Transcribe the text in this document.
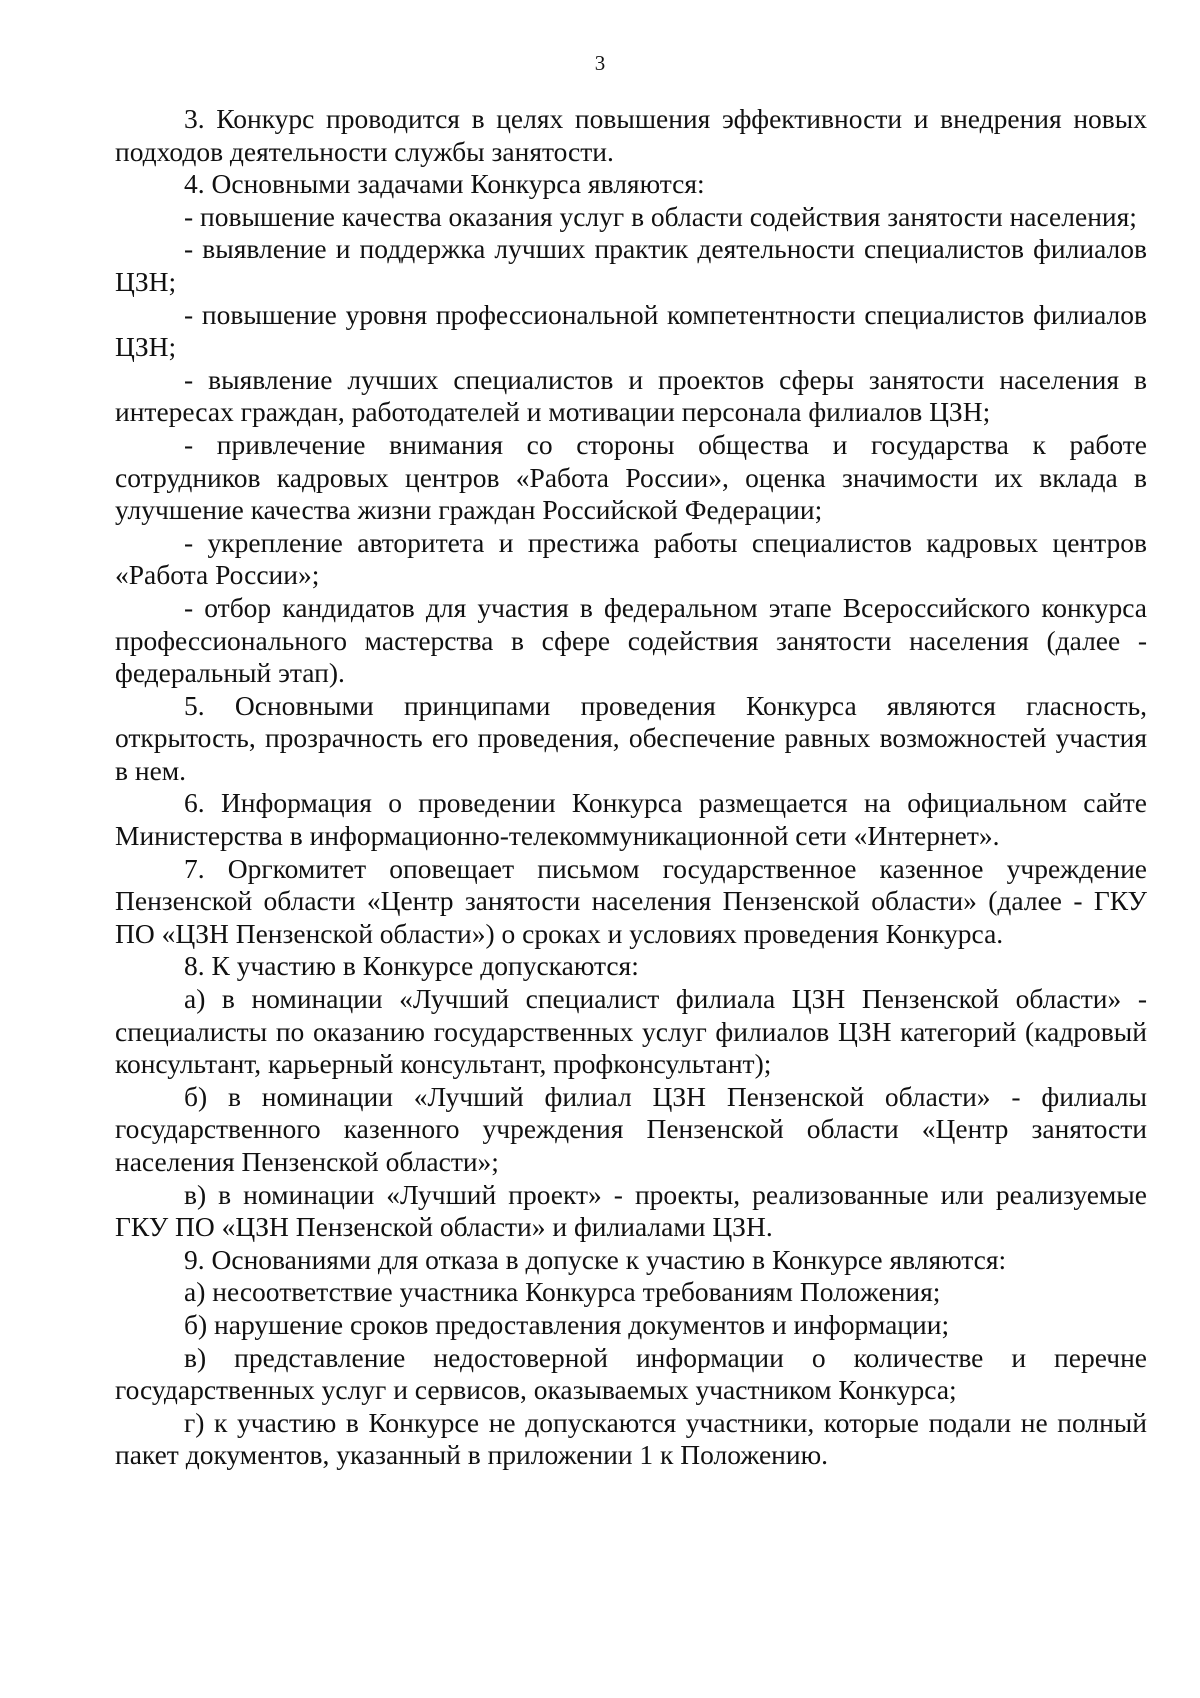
3

3. Конкурс проводится в целях повышения эффективности и внедрения новых подходов деятельности службы занятости.

4. Основными задачами Конкурса являются:

- повышение качества оказания услуг в области содействия занятости населения;

- выявление и поддержка лучших практик деятельности специалистов филиалов ЦЗН;

- повышение уровня профессиональной компетентности специалистов филиалов ЦЗН;

- выявление лучших специалистов и проектов сферы занятости населения в интересах граждан, работодателей и мотивации персонала филиалов ЦЗН;

- привлечение внимания со стороны общества и государства к работе сотрудников кадровых центров «Работа России», оценка значимости их вклада в улучшение качества жизни граждан Российской Федерации;

- укрепление авторитета и престижа работы специалистов кадровых центров «Работа России»;

- отбор кандидатов для участия в федеральном этапе Всероссийского конкурса профессионального мастерства в сфере содействия занятости населения (далее - федеральный этап).

5. Основными принципами проведения Конкурса являются гласность, открытость, прозрачность его проведения, обеспечение равных возможностей участия в нем.

6. Информация о проведении Конкурса размещается на официальном сайте Министерства в информационно-телекоммуникационной сети «Интернет».

7. Оргкомитет оповещает письмом государственное казенное учреждение Пензенской области «Центр занятости населения Пензенской области» (далее - ГКУ ПО «ЦЗН Пензенской области») о сроках и условиях проведения Конкурса.

8. К участию в Конкурсе допускаются:

а) в номинации «Лучший специалист филиала ЦЗН Пензенской области» - специалисты по оказанию государственных услуг филиалов ЦЗН категорий (кадровый консультант, карьерный консультант, профконсультант);

б) в номинации «Лучший филиал ЦЗН Пензенской области» - филиалы государственного казенного учреждения Пензенской области «Центр занятости населения Пензенской области»;

в) в номинации «Лучший проект» - проекты, реализованные или реализуемые ГКУ ПО «ЦЗН Пензенской области» и филиалами ЦЗН.

9. Основаниями для отказа в допуске к участию в Конкурсе являются:

а) несоответствие участника Конкурса требованиям Положения;

б) нарушение сроков предоставления документов и информации;

в) представление недостоверной информации о количестве и перечне государственных услуг и сервисов, оказываемых участником Конкурса;

г) к участию в Конкурсе не допускаются участники, которые подали не полный пакет документов, указанный в приложении 1 к Положению.
